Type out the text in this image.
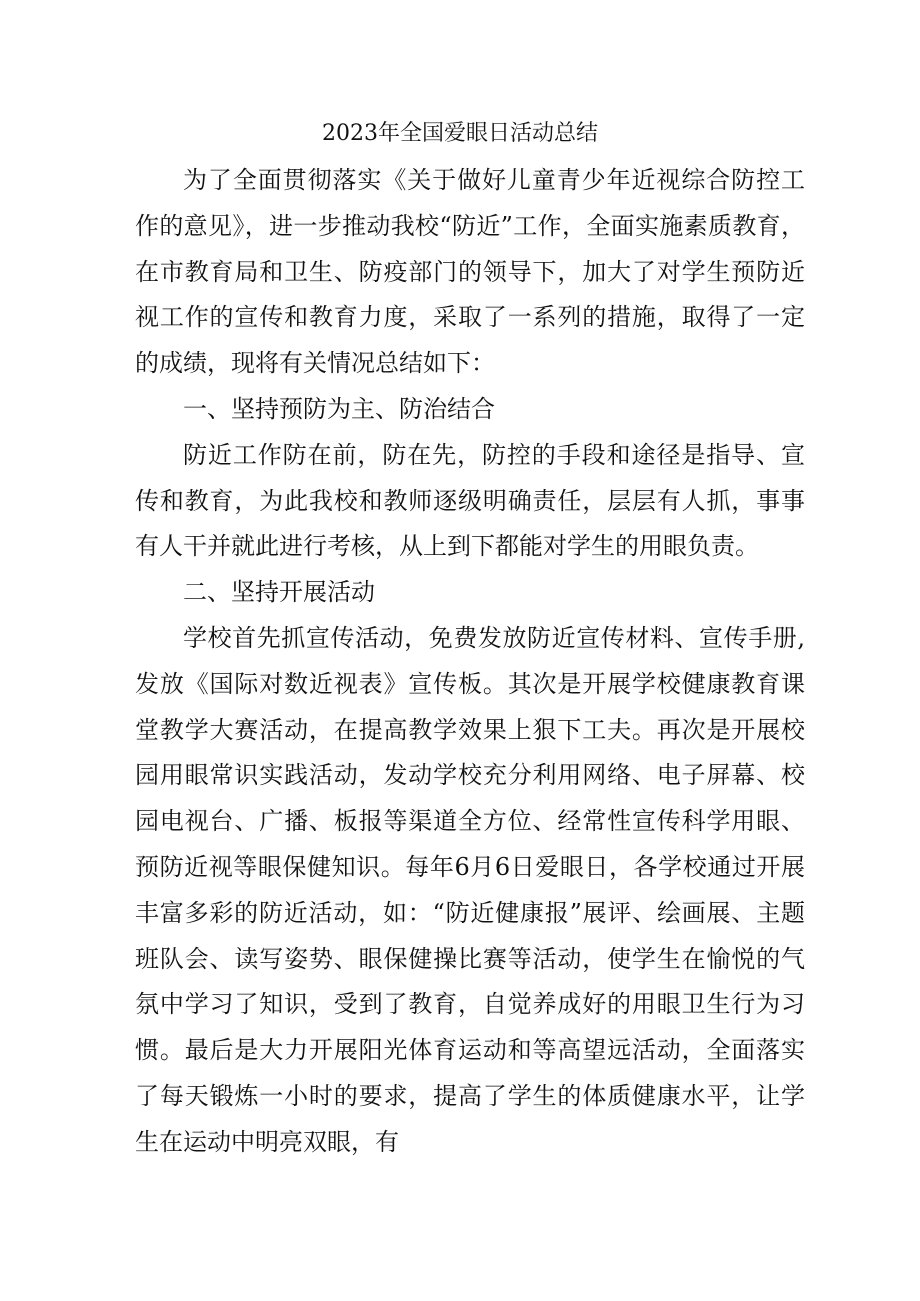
2023年全国爱眼日活动总结

为了全面贯彻落实《关于做好儿童青少年近视综合防控工作的意见》，进一步推动我校“防近”工作，全面实施素质教育，在市教育局和卫生、防疫部门的领导下，加大了对学生预防近视工作的宣传和教育力度，采取了一系列的措施，取得了一定的成绩，现将有关情况总结如下：

一、坚持预防为主、防治结合

防近工作防在前，防在先，防控的手段和途径是指导、宣传和教育，为此我校和教师逐级明确责任，层层有人抓，事事有人干并就此进行考核，从上到下都能对学生的用眼负责。

二、坚持开展活动

学校首先抓宣传活动，免费发放防近宣传材料、宣传手册,发放《国际对数近视表》宣传板。其次是开展学校健康教育课堂教学大赛活动，在提高教学效果上狠下工夫。再次是开展校园用眼常识实践活动，发动学校充分利用网络、电子屏幕、校园电视台、广播、板报等渠道全方位、经常性宣传科学用眼、预防近视等眼保健知识。每年6月6日爱眼日，各学校通过开展丰富多彩的防近活动，如：“防近健康报”展评、绘画展、主题班队会、读写姿势、眼保健操比赛等活动，使学生在愉悦的气氛中学习了知识，受到了教育，自觉养成好的用眼卫生行为习惯。最后是大力开展阳光体育运动和等高望远活动，全面落实了每天锻炼一小时的要求，提高了学生的体质健康水平，让学生在运动中明亮双眼，有
